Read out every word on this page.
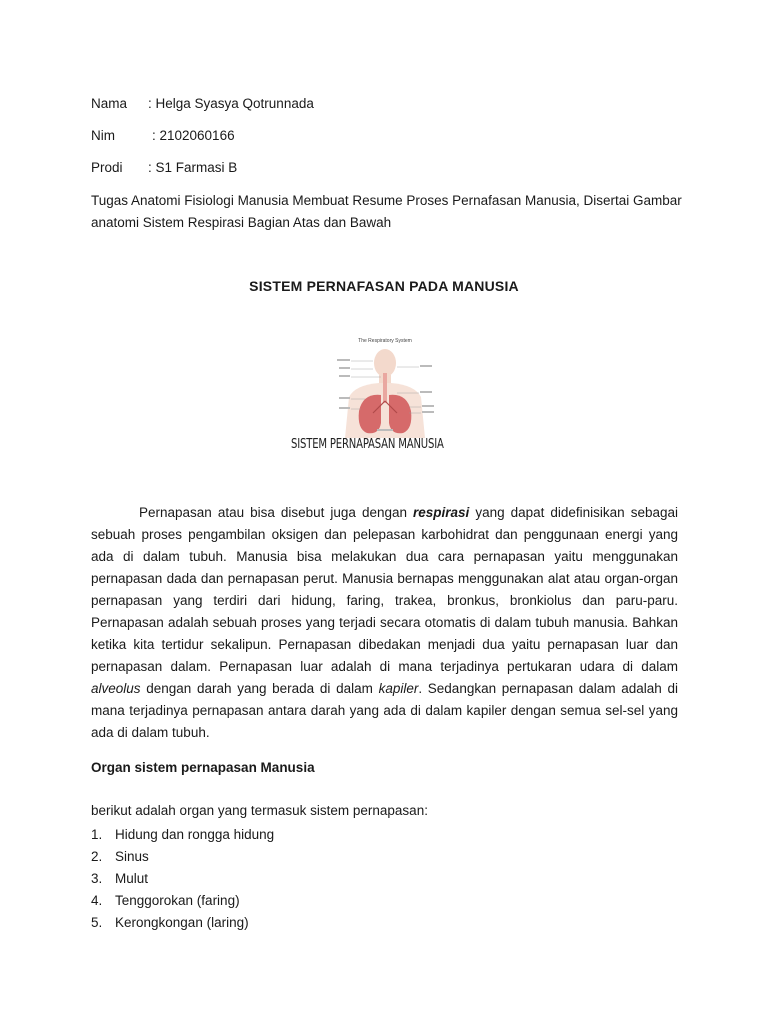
Nama : Helga Syasya Qotrunnada
Nim	: 2102060166
Prodi : S1 Farmasi B
Tugas Anatomi Fisiologi Manusia Membuat Resume Proses Pernafasan Manusia, Disertai Gambar anatomi Sistem Respirasi Bagian Atas dan Bawah
SISTEM PERNAFASAN PADA MANUSIA
The Respiratory System
SISTEM PERNAPASAN MANUSIA
Pernapasan atau bisa disebut juga dengan respirasi yang dapat didefinisikan sebagai sebuah proses pengambilan oksigen dan pelepasan karbohidrat dan penggunaan energi yang ada di dalam tubuh. Manusia bisa melakukan dua cara pernapasan yaitu menggunakan pernapasan dada dan pernapasan perut. Manusia bernapas menggunakan alat atau organ-organ pernapasan yang terdiri dari hidung, faring, trakea, bronkus, bronkiolus dan paru-paru. Pernapasan adalah sebuah proses yang terjadi secara otomatis di dalam tubuh manusia. Bahkan ketika kita tertidur sekalipun. Pernapasan dibedakan menjadi dua yaitu pernapasan luar dan pernapasan dalam. Pernapasan luar adalah di mana terjadinya pertukaran udara di dalam alveolus dengan darah yang berada di dalam kapiler. Sedangkan pernapasan dalam adalah di mana terjadinya pernapasan antara darah yang ada di dalam kapiler dengan semua sel-sel yang ada di dalam tubuh.
Organ sistem pernapasan Manusia
berikut adalah organ yang termasuk sistem pernapasan:
1. Hidung dan rongga hidung
2. Sinus
3. Mulut
4. Tenggorokan (faring)
5. Kerongkongan (laring)
